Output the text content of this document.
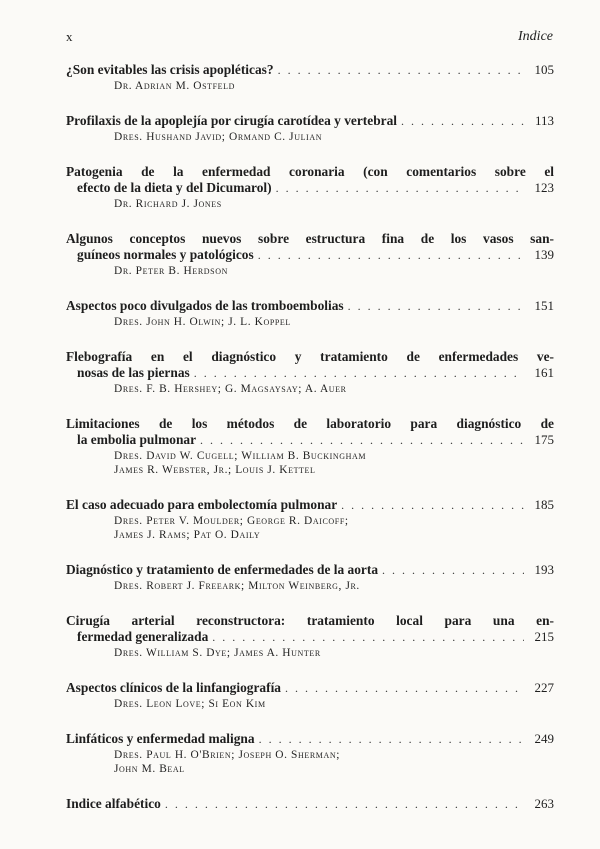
x	Indice
¿Son evitables las crisis apopléticas? . . .	105
Dr. Adrian M. Ostfeld
Profilaxis de la apoplejía por cirugía carotídea y vertebral . . .	113
Dres. Hushand Javid; Ormand C. Julian
Patogenia de la enfermedad coronaria (con comentarios sobre el
efecto de la dieta y del Dicumarol) . . .	123
Dr. Richard J. Jones
Algunos conceptos nuevos sobre estructura fina de los vasos san-
guíneos normales y patológicos . . .	139
Dr. Peter B. Herdson
Aspectos poco divulgados de las tromboembolias . . .	151
Dres. John H. Olwin; J. L. Koppel
Flebografía en el diagnóstico y tratamiento de enfermedades ve-
nosas de las piernas . . .	161
Dres. F. B. Hershey; G. Magsaysay; A. Auer
Limitaciones de los métodos de laboratorio para diagnóstico de
la embolia pulmonar . . .	175
Dres. David W. Cugell; William B. Buckingham
James R. Webster, Jr.; Louis J. Kettel
El caso adecuado para embolectomía pulmonar . . .	185
Dres. Peter V. Moulder; George R. Daicoff;
James J. Rams; Pat O. Daily
Diagnóstico y tratamiento de enfermedades de la aorta . . .	193
Dres. Robert J. Freeark; Milton Weinberg, Jr.
Cirugía arterial reconstructora: tratamiento local para una en-
fermedad generalizada . . .	215
Dres. William S. Dye; James A. Hunter
Aspectos clínicos de la linfangiografía . . .	227
Dres. Leon Love; Si Eon Kim
Linfáticos y enfermedad maligna . . .	249
Dres. Paul H. O'Brien; Joseph O. Sherman;
John M. Beal
Indice alfabético . . .	263
